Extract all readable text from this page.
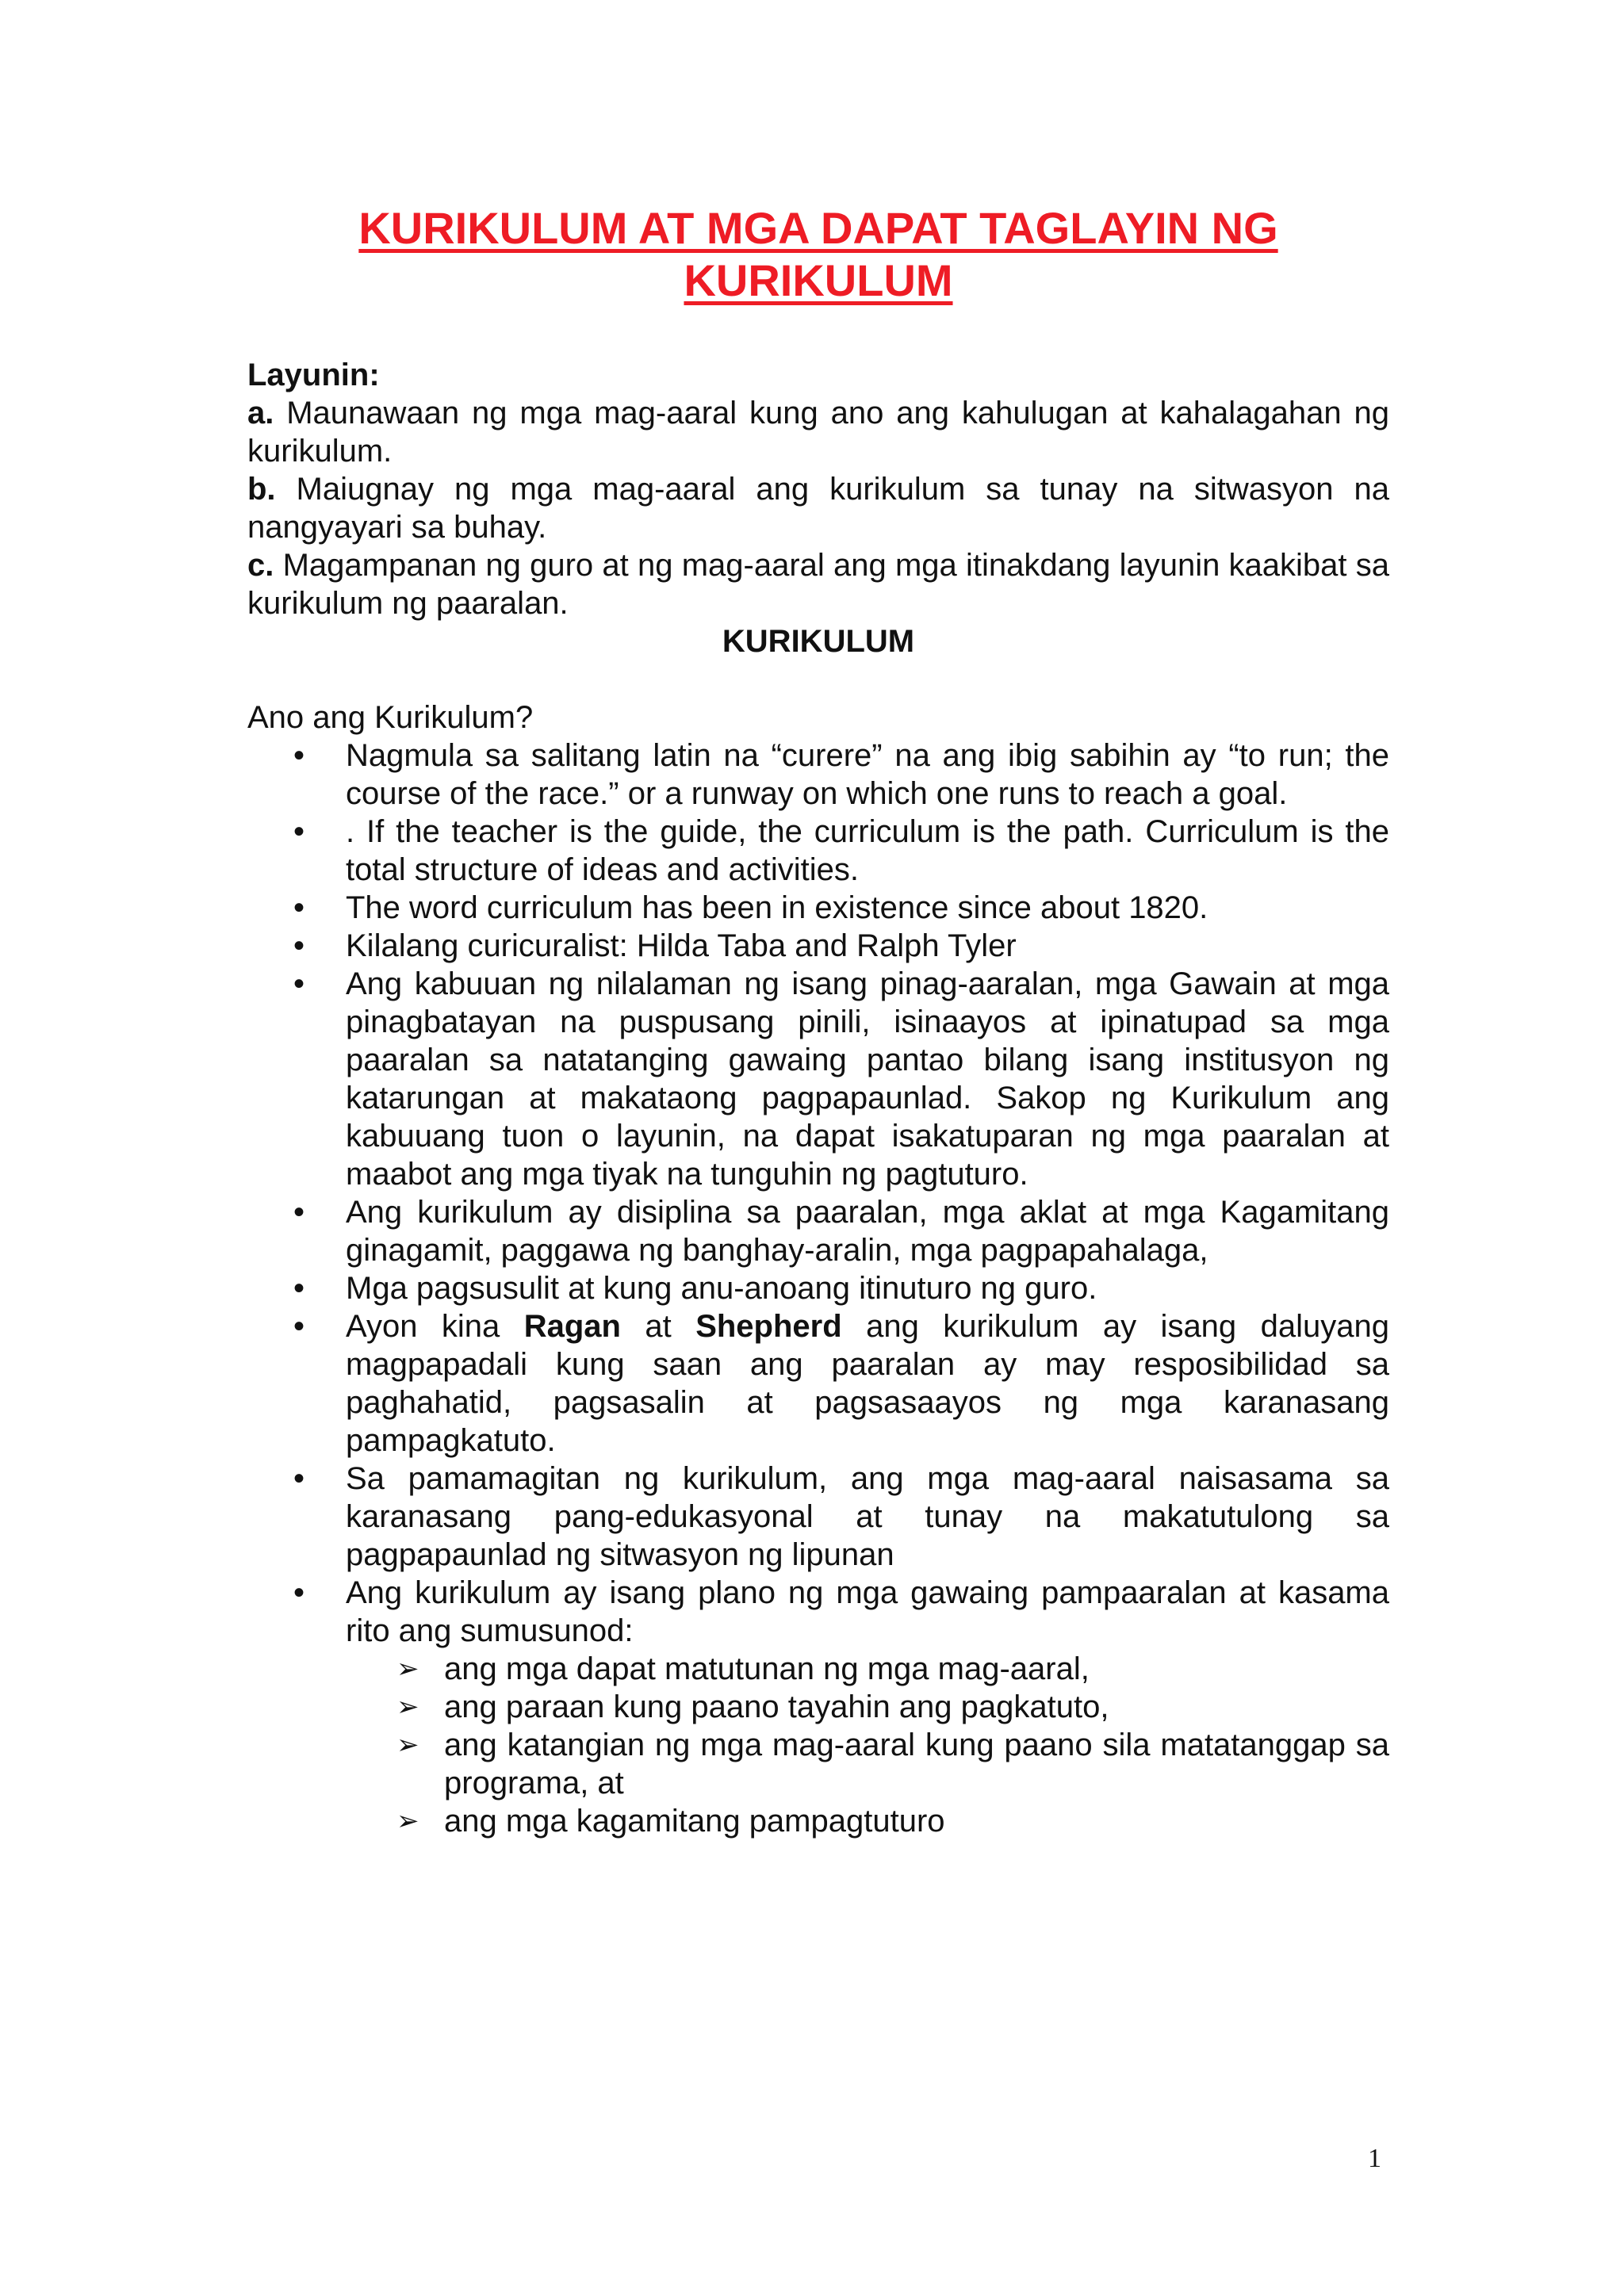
KURIKULUM AT MGA DAPAT TAGLAYIN NG
KURIKULUM
Layunin:
a. Maunawaan ng mga mag-aaral kung ano ang kahulugan at kahalagahan ng kurikulum.
b. Maiugnay ng mga mag-aaral ang kurikulum sa tunay na sitwasyon na nangyayari sa buhay.
c. Magampanan ng guro at ng mag-aaral ang mga itinakdang layunin kaakibat sa kurikulum ng paaralan.
KURIKULUM
Ano ang Kurikulum?
• Nagmula sa salitang latin na “curere” na ang ibig sabihin ay “to run; the course of the race.” or a runway on which one runs to reach a goal.
• . If the teacher is the guide, the curriculum is the path. Curriculum is the total structure of ideas and activities.
• The word curriculum has been in existence since about 1820.
• Kilalang curicuralist: Hilda Taba and Ralph Tyler
• Ang kabuuan ng nilalaman ng isang pinag-aaralan, mga Gawain at mga pinagbatayan na puspusang pinili, isinaayos at ipinatupad sa mga paaralan sa natatanging gawaing pantao bilang isang institusyon ng katarungan at makataong pagpapaunlad. Sakop ng Kurikulum ang kabuuang tuon o layunin, na dapat isakatuparan ng mga paaralan at maabot ang mga tiyak na tunguhin ng pagtuturo.
• Ang kurikulum ay disiplina sa paaralan, mga aklat at mga Kagamitang ginagamit, paggawa ng banghay-aralin, mga pagpapahalaga,
• Mga pagsusulit at kung anu-anoang itinuturo ng guro.
• Ayon kina Ragan at Shepherd ang kurikulum ay isang daluyang magpapadali kung saan ang paaralan ay may resposibilidad sa paghahatid, pagsasalin at pagsasaayos ng mga karanasang pampagkatuto.
• Sa pamamagitan ng kurikulum, ang mga mag-aaral naisasama sa karanasang pang-edukasyonal at tunay na makatutulong sa pagpapaunlad ng sitwasyon ng lipunan
• Ang kurikulum ay isang plano ng mga gawaing pampaaralan at kasama rito ang sumusunod:
➢ ang mga dapat matutunan ng mga mag-aaral,
➢ ang paraan kung paano tayahin ang pagkatuto,
➢ ang katangian ng mga mag-aaral kung paano sila matatanggap sa programa, at
➢ ang mga kagamitang pampagtuturo
1
